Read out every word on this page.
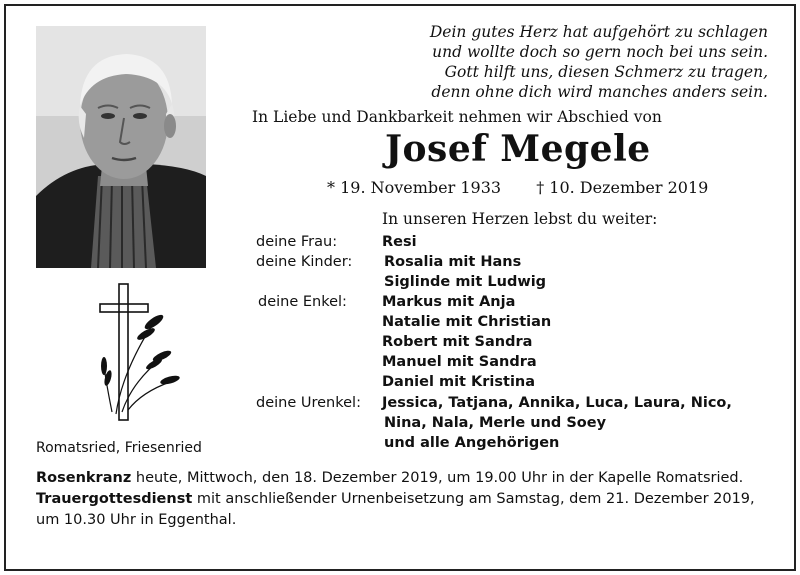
Romatsried, Friesenried
Dein gutes Herz hat aufgehört zu schlagen
und wollte doch so gern noch bei uns sein.
Gott hilft uns, diesen Schmerz zu tragen,
denn ohne dich wird manches anders sein.
In Liebe und Dankbarkeit nehmen wir Abschied von
Josef Megele
* 19. November 1933 † 10. Dezember 2019
In unseren Herzen lebst du weiter:
deine Frau:	Resi
deine Kinder: Rosalia mit Hans
Siglinde mit Ludwig
deine Enkel: Markus mit Anja
Natalie mit Christian
Robert mit Sandra
Manuel mit Sandra
Daniel mit Kristina
deine Urenkel: Jessica, Tatjana, Annika, Luca, Laura, Nico,
Nina, Nala, Merle und Soey
und alle Angehörigen
Rosenkranz heute, Mittwoch, den 18. Dezember 2019, um 19.00 Uhr in der Kapelle Romatsried.
Trauergottesdienst mit anschließender Urnenbeisetzung am Samstag, dem 21. Dezember 2019, um 10.30 Uhr in Eggenthal.
